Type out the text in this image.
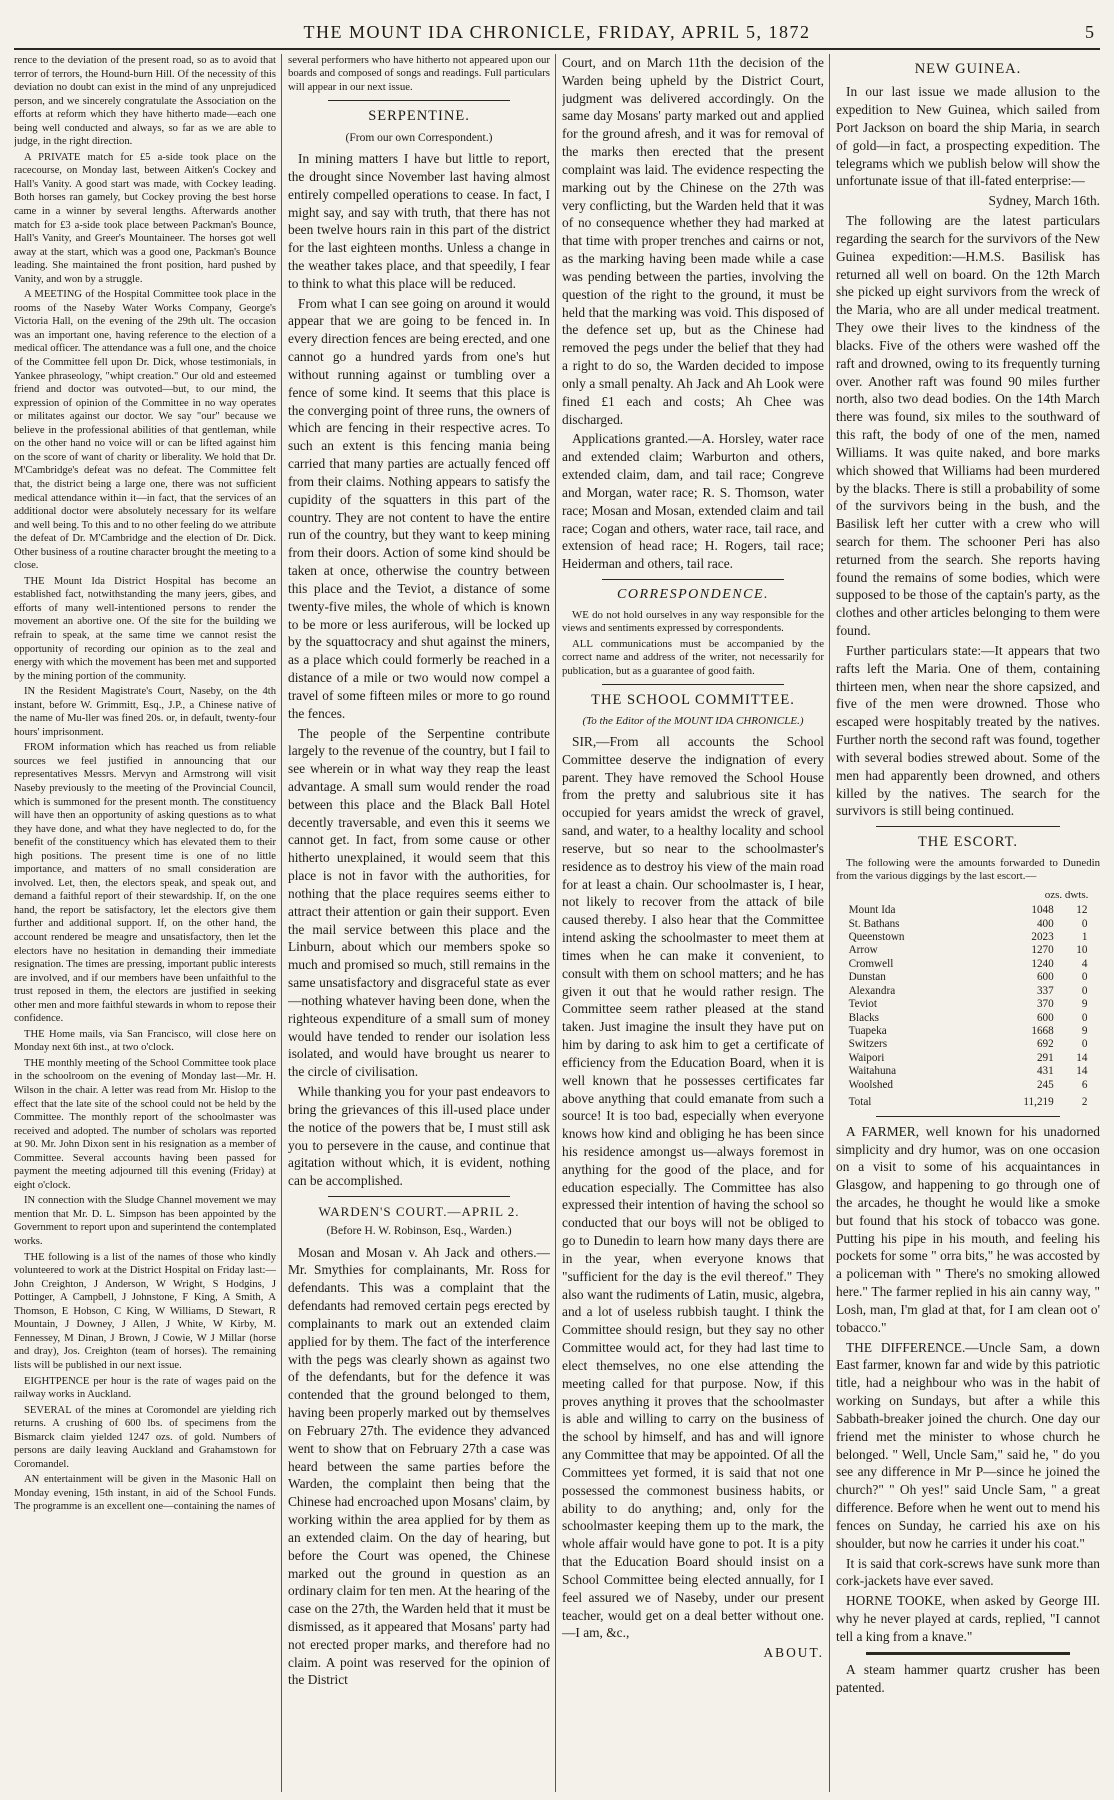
THE MOUNT IDA CHRONICLE, FRIDAY, APRIL 5, 1872	5

rence to the deviation of the present road, so as to avoid that terror of terrors, the Hound-burn Hill. Of the necessity of this deviation no doubt can exist in the mind of any unprejudiced person, and we sincerely congratulate the Association on the efforts at reform which they have hitherto made—each one being well conducted and always, so far as we are able to judge, in the right direction.

A PRIVATE match for £5 a-side took place on the racecourse, on Monday last, between Aitken's Cockey and Hall's Vanity. A good start was made, with Cockey leading. Both horses ran gamely, but Cockey proving the best horse came in a winner by several lengths. Afterwards another match for £3 a-side took place between Packman's Bounce, Hall's Vanity, and Greer's Mountaineer. The horses got well away at the start, which was a good one, Packman's Bounce leading. She maintained the front position, hard pushed by Vanity, and won by a struggle.

A MEETING of the Hospital Committee took place in the rooms of the Naseby Water Works Company, George's Victoria Hall, on the evening of the 29th ult. The occasion was an important one, having reference to the election of a medical officer. The attendance was a full one, and the choice of the Committee fell upon Dr. Dick, whose testimonials, in Yankee phraseology, "whipt creation." Our old and esteemed friend and doctor was outvoted—but, to our mind, the expression of opinion of the Committee in no way operates or militates against our doctor. We say "our" because we believe in the professional abilities of that gentleman, while on the other hand no voice will or can be lifted against him on the score of want of charity or liberality. We hold that Dr. M'Cambridge's defeat was no defeat. The Committee felt that, the district being a large one, there was not sufficient medical attendance within it—in fact, that the services of an additional doctor were absolutely necessary for its welfare and well being. To this and to no other feeling do we attribute the defeat of Dr. M'Cambridge and the election of Dr. Dick. Other business of a routine character brought the meeting to a close.

THE Mount Ida District Hospital has become an established fact, notwithstanding the many jeers, gibes, and efforts of many well-intentioned persons to render the movement an abortive one. Of the site for the building we refrain to speak, at the same time we cannot resist the opportunity of recording our opinion as to the zeal and energy with which the movement has been met and supported by the mining portion of the community.

IN the Resident Magistrate's Court, Naseby, on the 4th instant, before W. Grimmitt, Esq., J.P., a Chinese native of the name of Mu-ller was fined 20s. or, in default, twenty-four hours' imprisonment.

FROM information which has reached us from reliable sources we feel justified in announcing that our representatives Messrs. Mervyn and Armstrong will visit Naseby previously to the meeting of the Provincial Council, which is summoned for the present month. The constituency will have then an opportunity of asking questions as to what they have done, and what they have neglected to do, for the benefit of the constituency which has elevated them to their high positions. The present time is one of no little importance, and matters of no small consideration are involved. Let, then, the electors speak, and speak out, and demand a faithful report of their stewardship. If, on the one hand, the report be satisfactory, let the electors give them further and additional support. If, on the other hand, the account rendered be meagre and unsatisfactory, then let the electors have no hesitation in demanding their immediate resignation. The times are pressing, important public interests are involved, and if our members have been unfaithful to the trust reposed in them, the electors are justified in seeking other men and more faithful stewards in whom to repose their confidence.

THE Home mails, via San Francisco, will close here on Monday next 6th inst., at two o'clock.

THE monthly meeting of the School Committee took place in the schoolroom on the evening of Monday last—Mr. H. Wilson in the chair. A letter was read from Mr. Hislop to the effect that the late site of the school could not be held by the Committee. The monthly report of the schoolmaster was received and adopted. The number of scholars was reported at 90. Mr. John Dixon sent in his resignation as a member of Committee. Several accounts having been passed for payment the meeting adjourned till this evening (Friday) at eight o'clock.

IN connection with the Sludge Channel movement we may mention that Mr. D. L. Simpson has been appointed by the Government to report upon and superintend the contemplated works.

THE following is a list of the names of those who kindly volunteered to work at the District Hospital on Friday last:—John Creighton, J Anderson, W Wright, S Hodgins, J Pottinger, A Campbell, J Johnstone, F King, A Smith, A Thomson, E Hobson, C King, W Williams, D Stewart, R Mountain, J Downey, J Allen, J White, W Kirby, M. Fennessey, M Dinan, J Brown, J Cowie, W J Millar (horse and dray), Jos. Creighton (team of horses). The remaining lists will be published in our next issue.

EIGHTPENCE per hour is the rate of wages paid on the railway works in Auckland.

SEVERAL of the mines at Coromondel are yielding rich returns. A crushing of 600 lbs. of specimens from the Bismarck claim yielded 1247 ozs. of gold. Numbers of persons are daily leaving Auckland and Grahamstown for Coromandel.

AN entertainment will be given in the Masonic Hall on Monday evening, 15th instant, in aid of the School Funds. The programme is an excellent one—containing the names of

several performers who have hitherto not appeared upon our boards and composed of songs and readings. Full particulars will appear in our next issue.

SERPENTINE.
(From our own Correspondent.)

In mining matters I have but little to report, the drought since November last having almost entirely compelled operations to cease. In fact, I might say, and say with truth, that there has not been twelve hours rain in this part of the district for the last eighteen months. Unless a change in the weather takes place, and that speedily, I fear to think to what this place will be reduced.

From what I can see going on around it would appear that we are going to be fenced in. In every direction fences are being erected, and one cannot go a hundred yards from one's hut without running against or tumbling over a fence of some kind. It seems that this place is the converging point of three runs, the owners of which are fencing in their respective acres. To such an extent is this fencing mania being carried that many parties are actually fenced off from their claims. Nothing appears to satisfy the cupidity of the squatters in this part of the country. They are not content to have the entire run of the country, but they want to keep mining from their doors. Action of some kind should be taken at once, otherwise the country between this place and the Teviot, a distance of some twenty-five miles, the whole of which is known to be more or less auriferous, will be locked up by the squattocracy and shut against the miners, as a place which could formerly be reached in a distance of a mile or two would now compel a travel of some fifteen miles or more to go round the fences.

The people of the Serpentine contribute largely to the revenue of the country, but I fail to see wherein or in what way they reap the least advantage. A small sum would render the road between this place and the Black Ball Hotel decently traversable, and even this it seems we cannot get. In fact, from some cause or other hitherto unexplained, it would seem that this place is not in favor with the authorities, for nothing that the place requires seems either to attract their attention or gain their support. Even the mail service between this place and the Linburn, about which our members spoke so much and promised so much, still remains in the same unsatisfactory and disgraceful state as ever—nothing whatever having been done, when the righteous expenditure of a small sum of money would have tended to render our isolation less isolated, and would have brought us nearer to the circle of civilisation.

While thanking you for your past endeavors to bring the grievances of this ill-used place under the notice of the powers that be, I must still ask you to persevere in the cause, and continue that agitation without which, it is evident, nothing can be accomplished.

WARDEN'S COURT.—APRIL 2.
(Before H. W. Robinson, Esq., Warden.)

Mosan and Mosan v. Ah Jack and others.—Mr. Smythies for complainants, Mr. Ross for defendants. This was a complaint that the defendants had removed certain pegs erected by complainants to mark out an extended claim applied for by them. The fact of the interference with the pegs was clearly shown as against two of the defendants, but for the defence it was contended that the ground belonged to them, having been properly marked out by themselves on February 27th. The evidence they advanced went to show that on February 27th a case was heard between the same parties before the Warden, the complaint then being that the Chinese had encroached upon Mosans' claim, by working within the area applied for by them as an extended claim. On the day of hearing, but before the Court was opened, the Chinese marked out the ground in question as an ordinary claim for ten men. At the hearing of the case on the 27th, the Warden held that it must be dismissed, as it appeared that Mosans' party had not erected proper marks, and therefore had no claim. A point was reserved for the opinion of the District

Court, and on March 11th the decision of the Warden being upheld by the District Court, judgment was delivered accordingly. On the same day Mosans' party marked out and applied for the ground afresh, and it was for removal of the marks then erected that the present complaint was laid. The evidence respecting the marking out by the Chinese on the 27th was very conflicting, but the Warden held that it was of no consequence whether they had marked at that time with proper trenches and cairns or not, as the marking having been made while a case was pending between the parties, involving the question of the right to the ground, it must be held that the marking was void. This disposed of the defence set up, but as the Chinese had removed the pegs under the belief that they had a right to do so, the Warden decided to impose only a small penalty. Ah Jack and Ah Look were fined £1 each and costs; Ah Chee was discharged.

Applications granted.—A. Horsley, water race and extended claim; Warburton and others, extended claim, dam, and tail race; Congreve and Morgan, water race; R. S. Thomson, water race; Mosan and Mosan, extended claim and tail race; Cogan and others, water race, tail race, and extension of head race; H. Rogers, tail race; Heiderman and others, tail race.

CORRESPONDENCE.

WE do not hold ourselves in any way responsible for the views and sentiments expressed by correspondents.

ALL communications must be accompanied by the correct name and address of the writer, not necessarily for publication, but as a guarantee of good faith.

THE SCHOOL COMMITTEE.
(To the Editor of the MOUNT IDA CHRONICLE.)

SIR,—From all accounts the School Committee deserve the indignation of every parent. They have removed the School House from the pretty and salubrious site it has occupied for years amidst the wreck of gravel, sand, and water, to a healthy locality and school reserve, but so near to the schoolmaster's residence as to destroy his view of the main road for at least a chain. Our schoolmaster is, I hear, not likely to recover from the attack of bile caused thereby. I also hear that the Committee intend asking the schoolmaster to meet them at times when he can make it convenient, to consult with them on school matters; and he has given it out that he would rather resign. The Committee seem rather pleased at the stand taken. Just imagine the insult they have put on him by daring to ask him to get a certificate of efficiency from the Education Board, when it is well known that he possesses certificates far above anything that could emanate from such a source! It is too bad, especially when everyone knows how kind and obliging he has been since his residence amongst us—always foremost in anything for the good of the place, and for education especially. The Committee has also expressed their intention of having the school so conducted that our boys will not be obliged to go to Dunedin to learn how many days there are in the year, when everyone knows that "sufficient for the day is the evil thereof." They also want the rudiments of Latin, music, algebra, and a lot of useless rubbish taught. I think the Committee should resign, but they say no other Committee would act, for they had last time to elect themselves, no one else attending the meeting called for that purpose. Now, if this proves anything it proves that the schoolmaster is able and willing to carry on the business of the school by himself, and has and will ignore any Committee that may be appointed. Of all the Committees yet formed, it is said that not one possessed the commonest business habits, or ability to do anything; and, only for the schoolmaster keeping them up to the mark, the whole affair would have gone to pot. It is a pity that the Education Board should insist on a School Committee being elected annually, for I feel assured we of Naseby, under our present teacher, would get on a deal better without one.—I am, &c.,

ABOUT.
NEW GUINEA.

In our last issue we made allusion to the expedition to New Guinea, which sailed from Port Jackson on board the ship Maria, in search of gold—in fact, a prospecting expedition. The telegrams which we publish below will show the unfortunate issue of that ill-fated enterprise:—

Sydney, March 16th.

The following are the latest particulars regarding the search for the survivors of the New Guinea expedition:—H.M.S. Basilisk has returned all well on board. On the 12th March she picked up eight survivors from the wreck of the Maria, who are all under medical treatment. They owe their lives to the kindness of the blacks. Five of the others were washed off the raft and drowned, owing to its frequently turning over. Another raft was found 90 miles further north, also two dead bodies. On the 14th March there was found, six miles to the southward of this raft, the body of one of the men, named Williams. It was quite naked, and bore marks which showed that Williams had been murdered by the blacks. There is still a probability of some of the survivors being in the bush, and the Basilisk left her cutter with a crew who will search for them. The schooner Peri has also returned from the search. She reports having found the remains of some bodies, which were supposed to be those of the captain's party, as the clothes and other articles belonging to them were found.

Further particulars state:—It appears that two rafts left the Maria. One of them, containing thirteen men, when near the shore capsized, and five of the men were drowned. Those who escaped were hospitably treated by the natives. Further north the second raft was found, together with several bodies strewed about. Some of the men had apparently been drowned, and others killed by the natives. The search for the survivors is still being continued.

THE ESCORT.

The following were the amounts forwarded to Dunedin from the various diggings by the last escort.—

	ozs. dwts.	
Mount Ida	1048	12
St. Bathans	400	0
Queenstown	2023	1
Arrow	1270	10
Cromwell	1240	4
Dunstan	600	0
Alexandra	337	0
Teviot	370	9
Blacks	600	0
Tuapeka	1668	9
Switzers	692	0
Waipori	291	14
Waitahuna	431	14
Woolshed	245	6
Total	11,219	2

A FARMER, well known for his unadorned simplicity and dry humor, was on one occasion on a visit to some of his acquaintances in Glasgow, and happening to go through one of the arcades, he thought he would like a smoke but found that his stock of tobacco was gone. Putting his pipe in his mouth, and feeling his pockets for some " orra bits," he was accosted by a policeman with " There's no smoking allowed here." The farmer replied in his ain canny way, " Losh, man, I'm glad at that, for I am clean oot o' tobacco."

THE DIFFERENCE.—Uncle Sam, a down East farmer, known far and wide by this patriotic title, had a neighbour who was in the habit of working on Sundays, but after a while this Sabbath-breaker joined the church. One day our friend met the minister to whose church he belonged. " Well, Uncle Sam," said he, " do you see any difference in Mr P—since he joined the church?" " Oh yes!" said Uncle Sam, " a great difference. Before when he went out to mend his fences on Sunday, he carried his axe on his shoulder, but now he carries it under his coat."

It is said that cork-screws have sunk more than cork-jackets have ever saved.

HORNE TOOKE, when asked by George III. why he never played at cards, replied, "I cannot tell a king from a knave."

A steam hammer quartz crusher has been patented.
